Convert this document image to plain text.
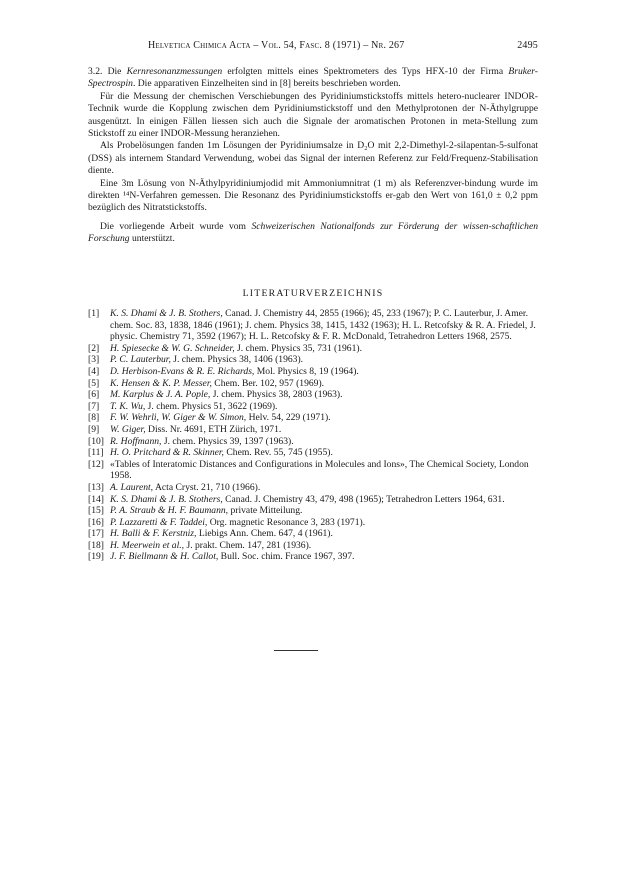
Helvetica Chimica Acta – Vol. 54, Fasc. 8 (1971) – Nr. 267	2495

3.2. Die Kernresonanzmessungen erfolgten mittels eines Spektrometers des Typs HFX-10 der Firma Bruker-Spectrospin. Die apparativen Einzelheiten sind in [8] bereits beschrieben worden.

Für die Messung der chemischen Verschiebungen des Pyridiniumstickstoffs mittels hetero-nuclearer INDOR-Technik wurde die Kopplung zwischen dem Pyridiniumstickstoff und den Methylprotonen der N-Äthylgruppe ausgenützt. In einigen Fällen liessen sich auch die Signale der aromatischen Protonen in meta-Stellung zum Stickstoff zu einer INDOR-Messung heranziehen.

Als Probelösungen fanden 1m Lösungen der Pyridiniumsalze in D₂O mit 2,2-Dimethyl-2-silapentan-5-sulfonat (DSS) als internem Standard Verwendung, wobei das Signal der internen Referenz zur Feld/Frequenz-Stabilisation diente.

Eine 3m Lösung von N-Äthylpyridiniumjodid mit Ammoniumnitrat (1 m) als Referenzver-bindung wurde im direkten ¹⁴N-Verfahren gemessen. Die Resonanz des Pyridiniumstickstoffs er-gab den Wert von 161,0 ± 0,2 ppm bezüglich des Nitratstickstoffs.

Die vorliegende Arbeit wurde vom Schweizerischen Nationalfonds zur Förderung der wissen-schaftlichen Forschung unterstützt.

LITERATURVERZEICHNIS

[1]	K. S. Dhami & J. B. Stothers, Canad. J. Chemistry 44, 2855 (1966); 45, 233 (1967); P. C. Lauterbur, J. Amer. chem. Soc. 83, 1838, 1846 (1961); J. chem. Physics 38, 1415, 1432 (1963); H. L. Retcofsky & R. A. Friedel, J. physic. Chemistry 71, 3592 (1967); H. L. Retcofsky & F. R. McDonald, Tetrahedron Letters 1968, 2575.

[2]	H. Spiesecke & W. G. Schneider, J. chem. Physics 35, 731 (1961).

[3]	P. C. Lauterbur, J. chem. Physics 38, 1406 (1963).

[4]	D. Herbison-Evans & R. E. Richards, Mol. Physics 8, 19 (1964).

[5]	K. Hensen & K. P. Messer, Chem. Ber. 102, 957 (1969).

[6]	M. Karplus & J. A. Pople, J. chem. Physics 38, 2803 (1963).

[7]	T. K. Wu, J. chem. Physics 51, 3622 (1969).

[8]	F. W. Wehrli, W. Giger & W. Simon, Helv. 54, 229 (1971).

[9]	W. Giger, Diss. Nr. 4691, ETH Zürich, 1971.

[10] R. Hoffmann, J. chem. Physics 39, 1397 (1963).

[11] H. O. Pritchard & R. Skinner, Chem. Rev. 55, 745 (1955).

[12] «Tables of Interatomic Distances and Configurations in Molecules and Ions», The Chemical Society, London 1958.

[13] A. Laurent, Acta Cryst. 21, 710 (1966).

[14] K. S. Dhami & J. B. Stothers, Canad. J. Chemistry 43, 479, 498 (1965); Tetrahedron Letters 1964, 631.

[15] P. A. Straub & H. F. Baumann, private Mitteilung.

[16] P. Lazzaretti & F. Taddei, Org. magnetic Resonance 3, 283 (1971).

[17] H. Balli & F. Kerstniz, Liebigs Ann. Chem. 647, 4 (1961).

[18] H. Meerwein et al., J. prakt. Chem. 147, 281 (1936).

[19] J. F. Biellmann & H. Callot, Bull. Soc. chim. France 1967, 397.
